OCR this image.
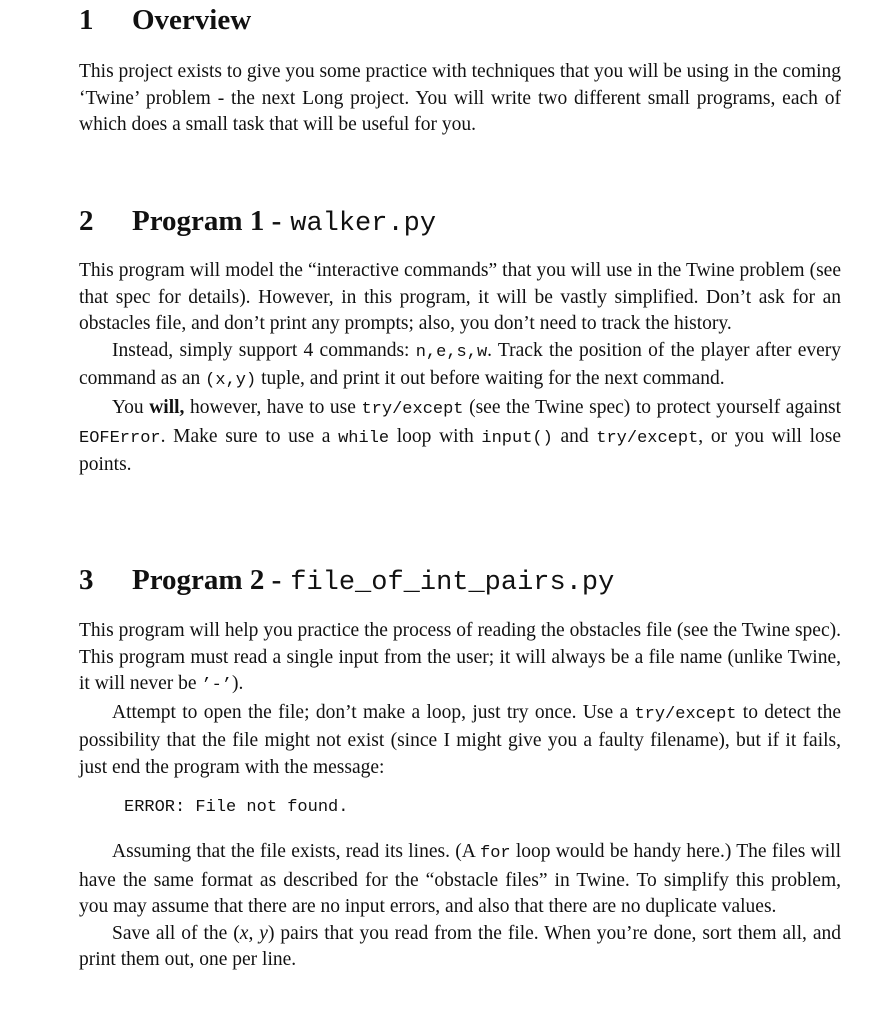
1	Overview

This project exists to give you some practice with techniques that you will be using in the coming ‘Twine’ problem - the next Long project. You will write two different small programs, each of which does a small task that will be useful for you.

2	Program 1 - walker.py

This program will model the “interactive commands” that you will use in the Twine problem (see that spec for details). However, in this program, it will be vastly simplified. Don’t ask for an obstacles file, and don’t print any prompts; also, you don’t need to track the history.

Instead, simply support 4 commands: n,e,s,w. Track the position of the player after every command as an (x,y) tuple, and print it out before waiting for the next command.

You will, however, have to use try/except (see the Twine spec) to protect yourself against EOFError. Make sure to use a while loop with input() and try/except, or you will lose points.

3	Program 2 - file_of_int_pairs.py

This program will help you practice the process of reading the obstacles file (see the Twine spec). This program must read a single input from the user; it will always be a file name (unlike Twine, it will never be ’-’).

Attempt to open the file; don’t make a loop, just try once. Use a try/except to detect the possibility that the file might not exist (since I might give you a faulty filename), but if it fails, just end the program with the message:

ERROR: File not found.

Assuming that the file exists, read its lines. (A for loop would be handy here.) The files will have the same format as described for the “obstacle files” in Twine. To simplify this problem, you may assume that there are no input errors, and also that there are no duplicate values.

Save all of the (x, y) pairs that you read from the file. When you’re done, sort them all, and print them out, one per line.
